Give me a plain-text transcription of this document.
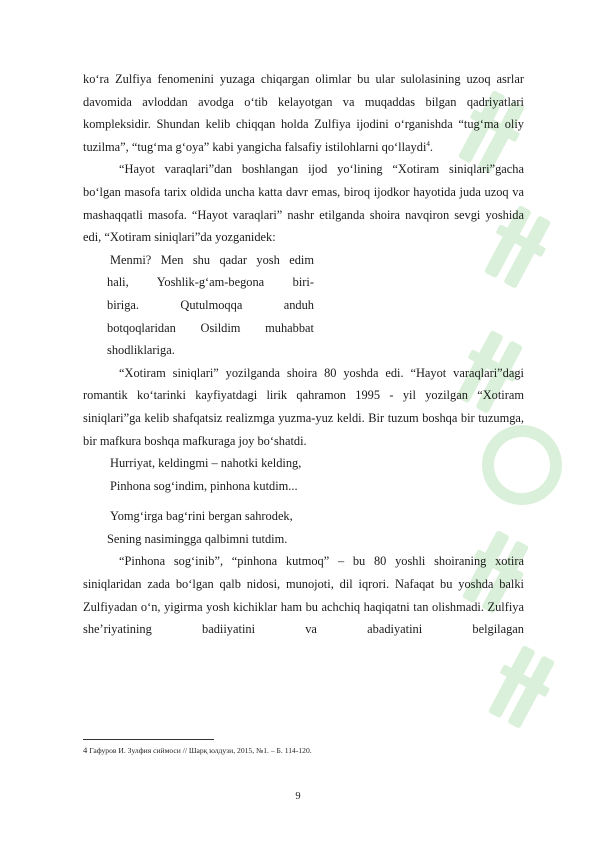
ko‘ra Zulfiya fenomenini yuzaga chiqargan olimlar bu ular sulolasining uzoq asrlar davomida avloddan avodga o‘tib kelayotgan va muqaddas bilgan qadriyatlari kompleksidir. Shundan kelib chiqqan holda Zulfiya ijodini o‘rganishda “tug‘ma oliy tuzilma”, “tug‘ma g‘oya” kabi yangicha falsafiy istilohlarni qo‘llaydi$^4$.

“Hayot varaqlari”dan boshlangan ijod yo‘lining “Xotiram siniqlari”gacha bo‘lgan masofa tarix oldida uncha katta davr emas, biroq ijodkor hayotida juda uzoq va mashaqqatli masofa. “Hayot varaqlari” nashr etilganda shoira navqiron sevgi yoshida edi, “Xotiram siniqlari”da yozganidek:

Menmi? Men shu qadar yosh edim
hali, Yoshlik-g‘am-begona biri-
biriga. Qutulmoqqa anduh
botqoqlaridan Osildim muhabbat
shodliklariga.

“Xotiram siniqlari” yozilganda shoira 80 yoshda edi. “Hayot varaqlari”dagi romantik ko‘tarinki kayfiyatdagi lirik qahramon 1995 - yil yozilgan “Xotiram siniqlari”ga kelib shafqatsiz realizmga yuzma-yuz keldi. Bir tuzum boshqa bir tuzumga, bir mafkura boshqa mafkuraga joy bo‘shatdi.

Hurriyat, keldingmi – nahotki kelding,
Pinhona sog‘indim, pinhona kutdim...
Yomg‘irga bag‘rini bergan sahrodek,
Sening nasimingga qalbimni tutdim.

“Pinhona sog‘inib”, “pinhona kutmoq” – bu 80 yoshli shoiraning xotira siniqlaridan zada bo‘lgan qalb nidosi, munojoti, dil iqrori. Nafaqat bu yoshda balki Zulfiyadan o‘n, yigirma yosh kichiklar ham bu achchiq haqiqatni tan olishmadi. Zulfiya she’riyatining badiiyatini va abadiyatini belgilagan

4 Гафуров И. Зулфия сиймоси // Шарқ юлдузи, 2015, №1. – Б. 114-120.
9
